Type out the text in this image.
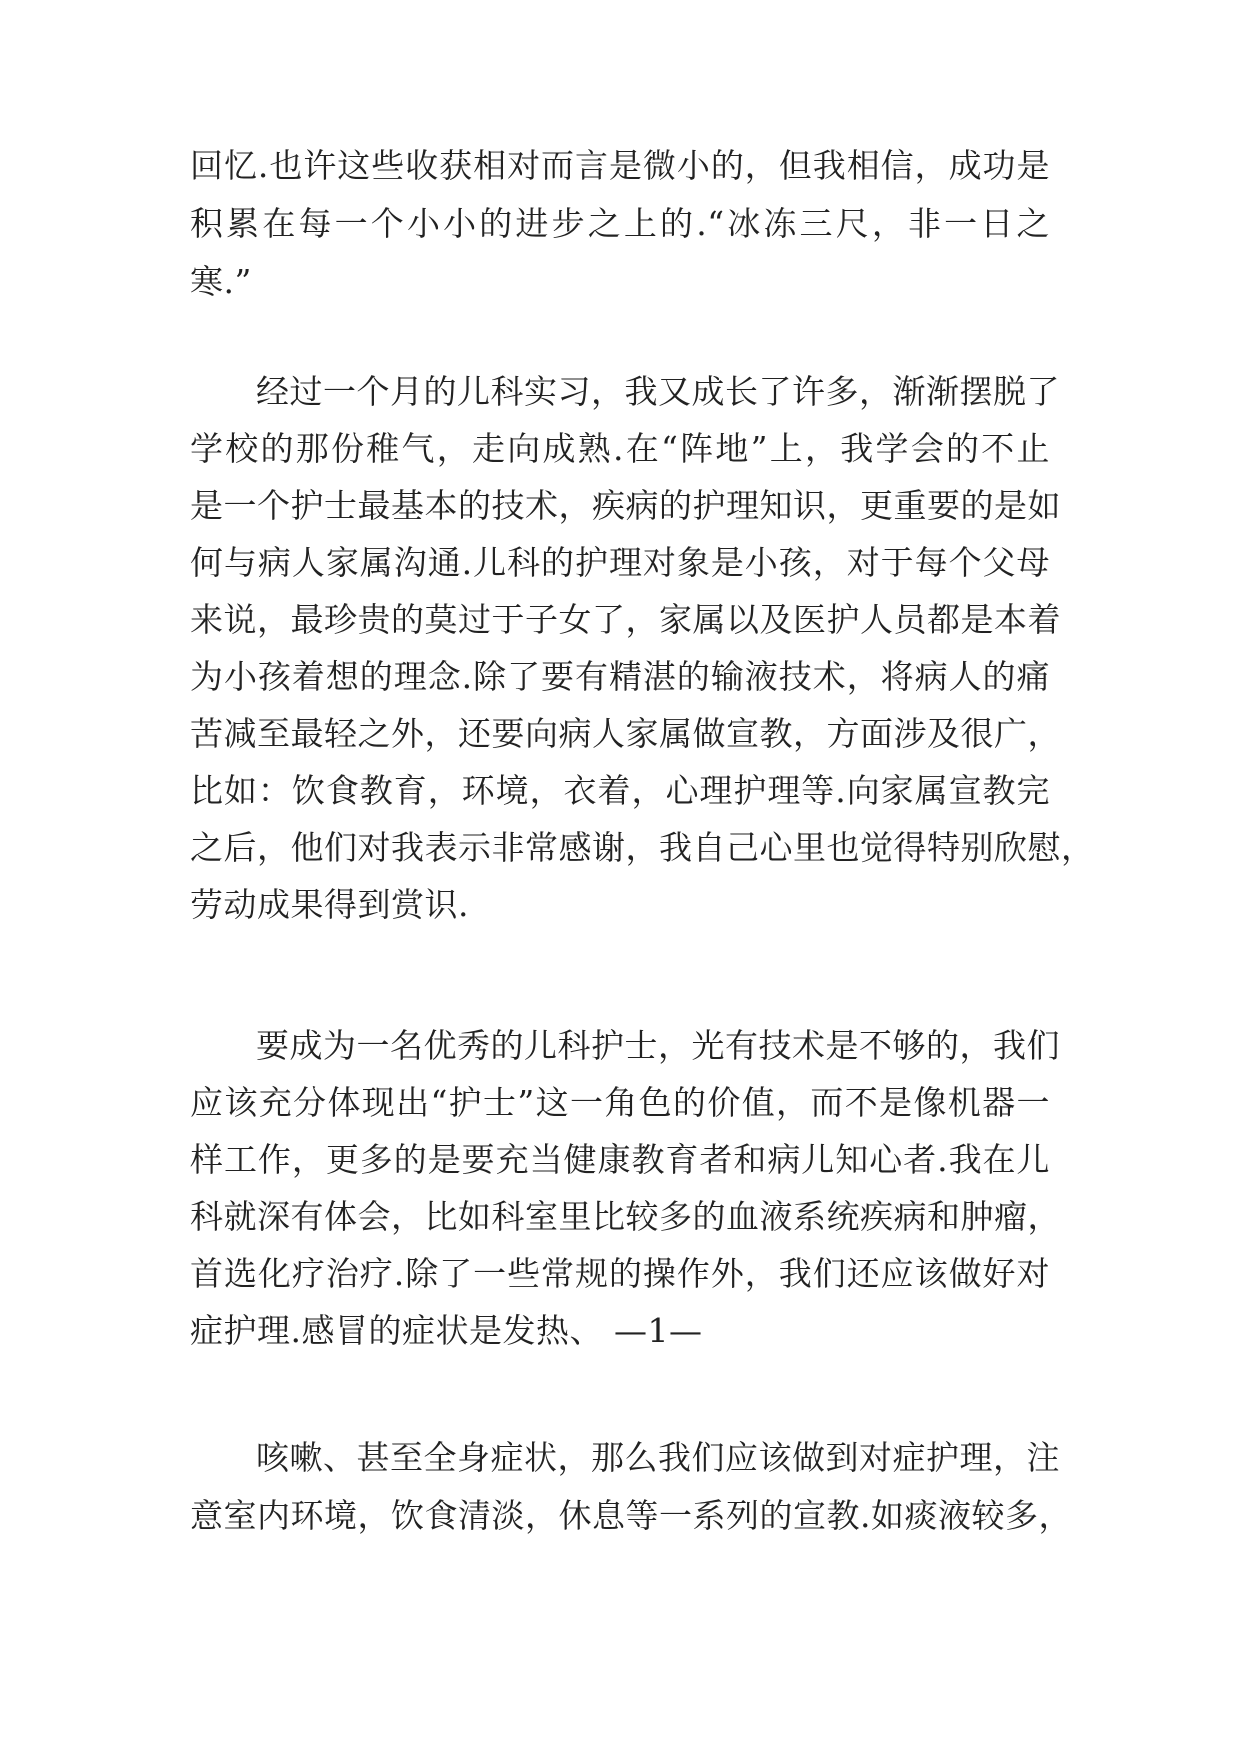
回忆.也许这些收获相对而言是微小的，但我相信，成功是
积累在每一个小小的进步之上的.“冰冻三尺，非一日之
寒.”
经过一个月的儿科实习，我又成长了许多，渐渐摆脱了
学校的那份稚气，走向成熟.在“阵地”上，我学会的不止
是一个护士最基本的技术，疾病的护理知识，更重要的是如
何与病人家属沟通.儿科的护理对象是小孩，对于每个父母
来说，最珍贵的莫过于子女了，家属以及医护人员都是本着
为小孩着想的理念.除了要有精湛的输液技术，将病人的痛
苦减至最轻之外，还要向病人家属做宣教，方面涉及很广，
比如：饮食教育，环境，衣着，心理护理等.向家属宣教完
之后，他们对我表示非常感谢，我自己心里也觉得特别欣慰，
劳动成果得到赏识.
要成为一名优秀的儿科护士，光有技术是不够的，我们
应该充分体现出“护士”这一角色的价值，而不是像机器一
样工作，更多的是要充当健康教育者和病儿知心者.我在儿
科就深有体会，比如科室里比较多的血液系统疾病和肿瘤，
首选化疗治疗.除了一些常规的操作外，我们还应该做好对
症护理.感冒的症状是发热、 —1—
咳嗽、甚至全身症状，那么我们应该做到对症护理，注
意室内环境，饮食清淡，休息等一系列的宣教.如痰液较多，
